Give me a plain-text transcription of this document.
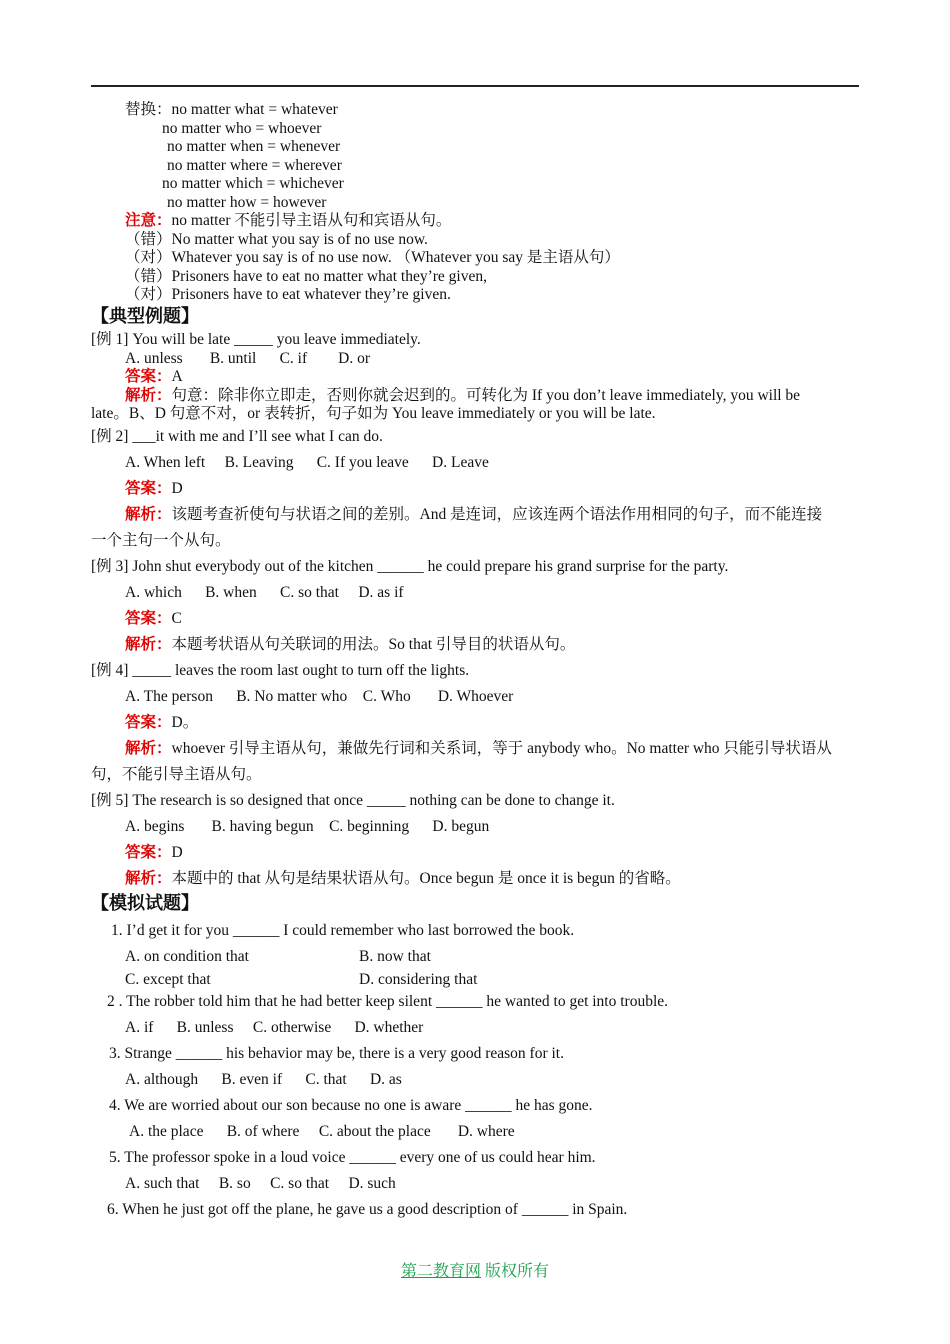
替换：no matter what = whatever
no matter who = whoever
no matter when = whenever
no matter where = wherever
no matter which = whichever
no matter how = however
注意：no matter 不能引导主语从句和宾语从句。
（错）No matter what you say is of no use now.
（对）Whatever you say is of no use now. （Whatever you say 是主语从句）
（错）Prisoners have to eat no matter what they’re given,
（对）Prisoners have to eat whatever they’re given.
【典型例题】
[例 1] You will be late _____ you leave immediately.
A. unless       B. until      C. if        D. or
答案：A
解析：句意：除非你立即走，否则你就会迟到的。可转化为 If you don’t leave immediately, you will be
late。B、D 句意不对，or 表转折，句子如为 You leave immediately or you will be late.
[例 2] ___it with me and I’ll see what I can do.
A. When left     B. Leaving      C. If you leave      D. Leave
答案：D
解析：该题考查祈使句与状语之间的差别。And 是连词，应该连两个语法作用相同的句子，而不能连接
一个主句一个从句。
[例 3] John shut everybody out of the kitchen ______ he could prepare his grand surprise for the party.
A. which      B. when      C. so that     D. as if
答案：C
解析：本题考状语从句关联词的用法。So that 引导目的状语从句。
[例 4] _____ leaves the room last ought to turn off the lights.
A. The person      B. No matter who    C. Who       D. Whoever
答案：D。
解析：whoever 引导主语从句，兼做先行词和关系词，等于 anybody who。No matter who 只能引导状语从
句，不能引导主语从句。
[例 5] The research is so designed that once _____ nothing can be done to change it.
A. begins       B. having begun    C. beginning      D. begun
答案：D
解析：本题中的 that 从句是结果状语从句。Once begun 是 once it is begun 的省略。
【模拟试题】
1. I’d get it for you ______ I could remember who last borrowed the book.
A. on condition that	B. now that
C. except that	D. considering that
2 . The robber told him that he had better keep silent ______ he wanted to get into trouble.
A. if      B. unless     C. otherwise      D. whether
3. Strange ______ his behavior may be, there is a very good reason for it.
A. although      B. even if      C. that      D. as
4. We are worried about our son because no one is aware ______ he has gone.
A. the place      B. of where     C. about the place       D. where
5. The professor spoke in a loud voice ______ every one of us could hear him.
A. such that     B. so     C. so that     D. such
6. When he just got off the plane, he gave us a good description of ______ in Spain.
第二教育网 版权所有
